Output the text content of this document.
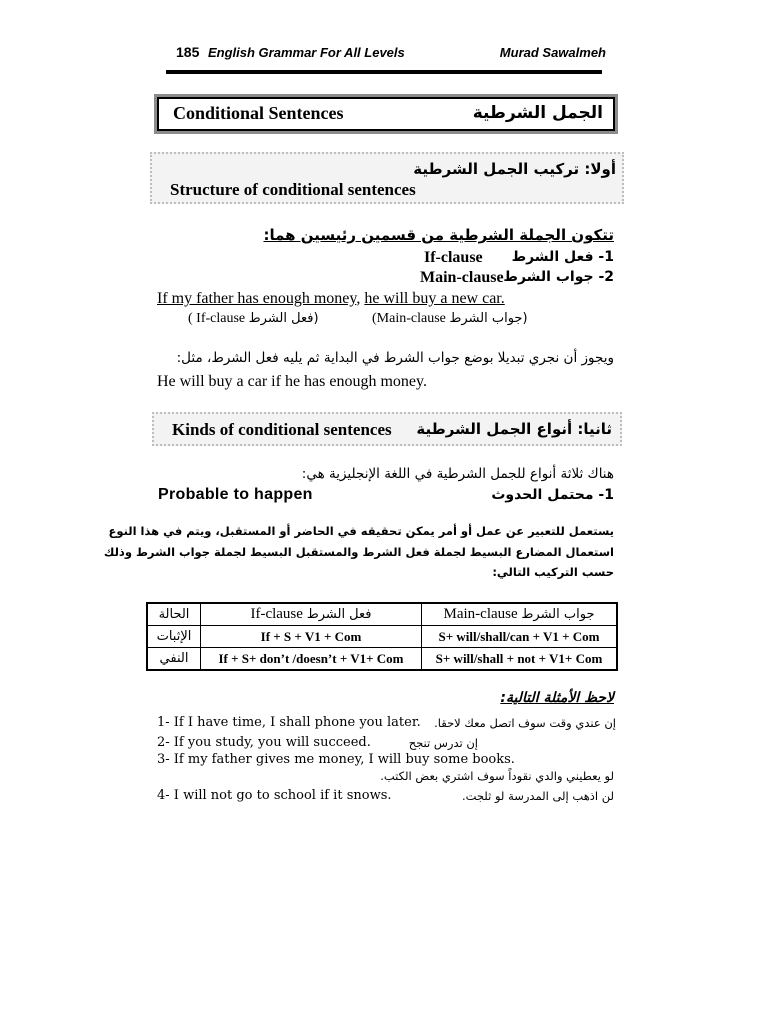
185 English Grammar For All Levels	Murad Sawalmeh
Conditional Sentences	الجمل الشرطية
أولا: تركيب الجمل الشرطية
Structure of conditional sentences
تتكون الجملة الشرطية من قسمين رئيسين هما:
If-clause 1- فعل الشرط
Main-clause 2- جواب الشرط
If my father has enough money, he will buy a new car.
( If-clause فعل الشرط)	(Main-clause جواب الشرط)
ويجوز أن نجري تبديلا بوضع جواب الشرط في البداية ثم يليه فعل الشرط، مثل:
He will buy a car if he has enough money.
Kinds of conditional sentences ثانيا: أنواع الجمل الشرطية
هناك ثلاثة أنواع للجمل الشرطية في اللغة الإنجليزية هي:
Probable to happen	1- محتمل الحدوث
يستعمل للتعبير عن عمل أو أمر يمكن تحقيقه في الحاضر أو المستقبل، ويتم في هذا النوع
استعمال المضارع البسيط لجملة فعل الشرط والمستقبل البسيط لجملة جواب الشرط وذلك
حسب التركيب التالي:
الحالة	If-clause فعل الشرط	Main-clause جواب الشرط
الإثبات	If + S + V1 + Com	S+ will/shall/can + V1 + Com
النفي	If + S+ don’t /doesn’t + V1+ Com	S+ will/shall + not + V1+ Com
لاحظ الأمثلة التالية:
1- If I have time, I shall phone you later. إن عندي وقت سوف اتصل معك لاحقا.
2- If you study, you will succeed.	إن تدرس تنجح
3- If my father gives me money, I will buy some books.
لو يعطيني والدي نقوداً سوف اشتري بعض الكتب.
4- I will not go to school if it snows.	لن اذهب إلى المدرسة لو ثلجت.
